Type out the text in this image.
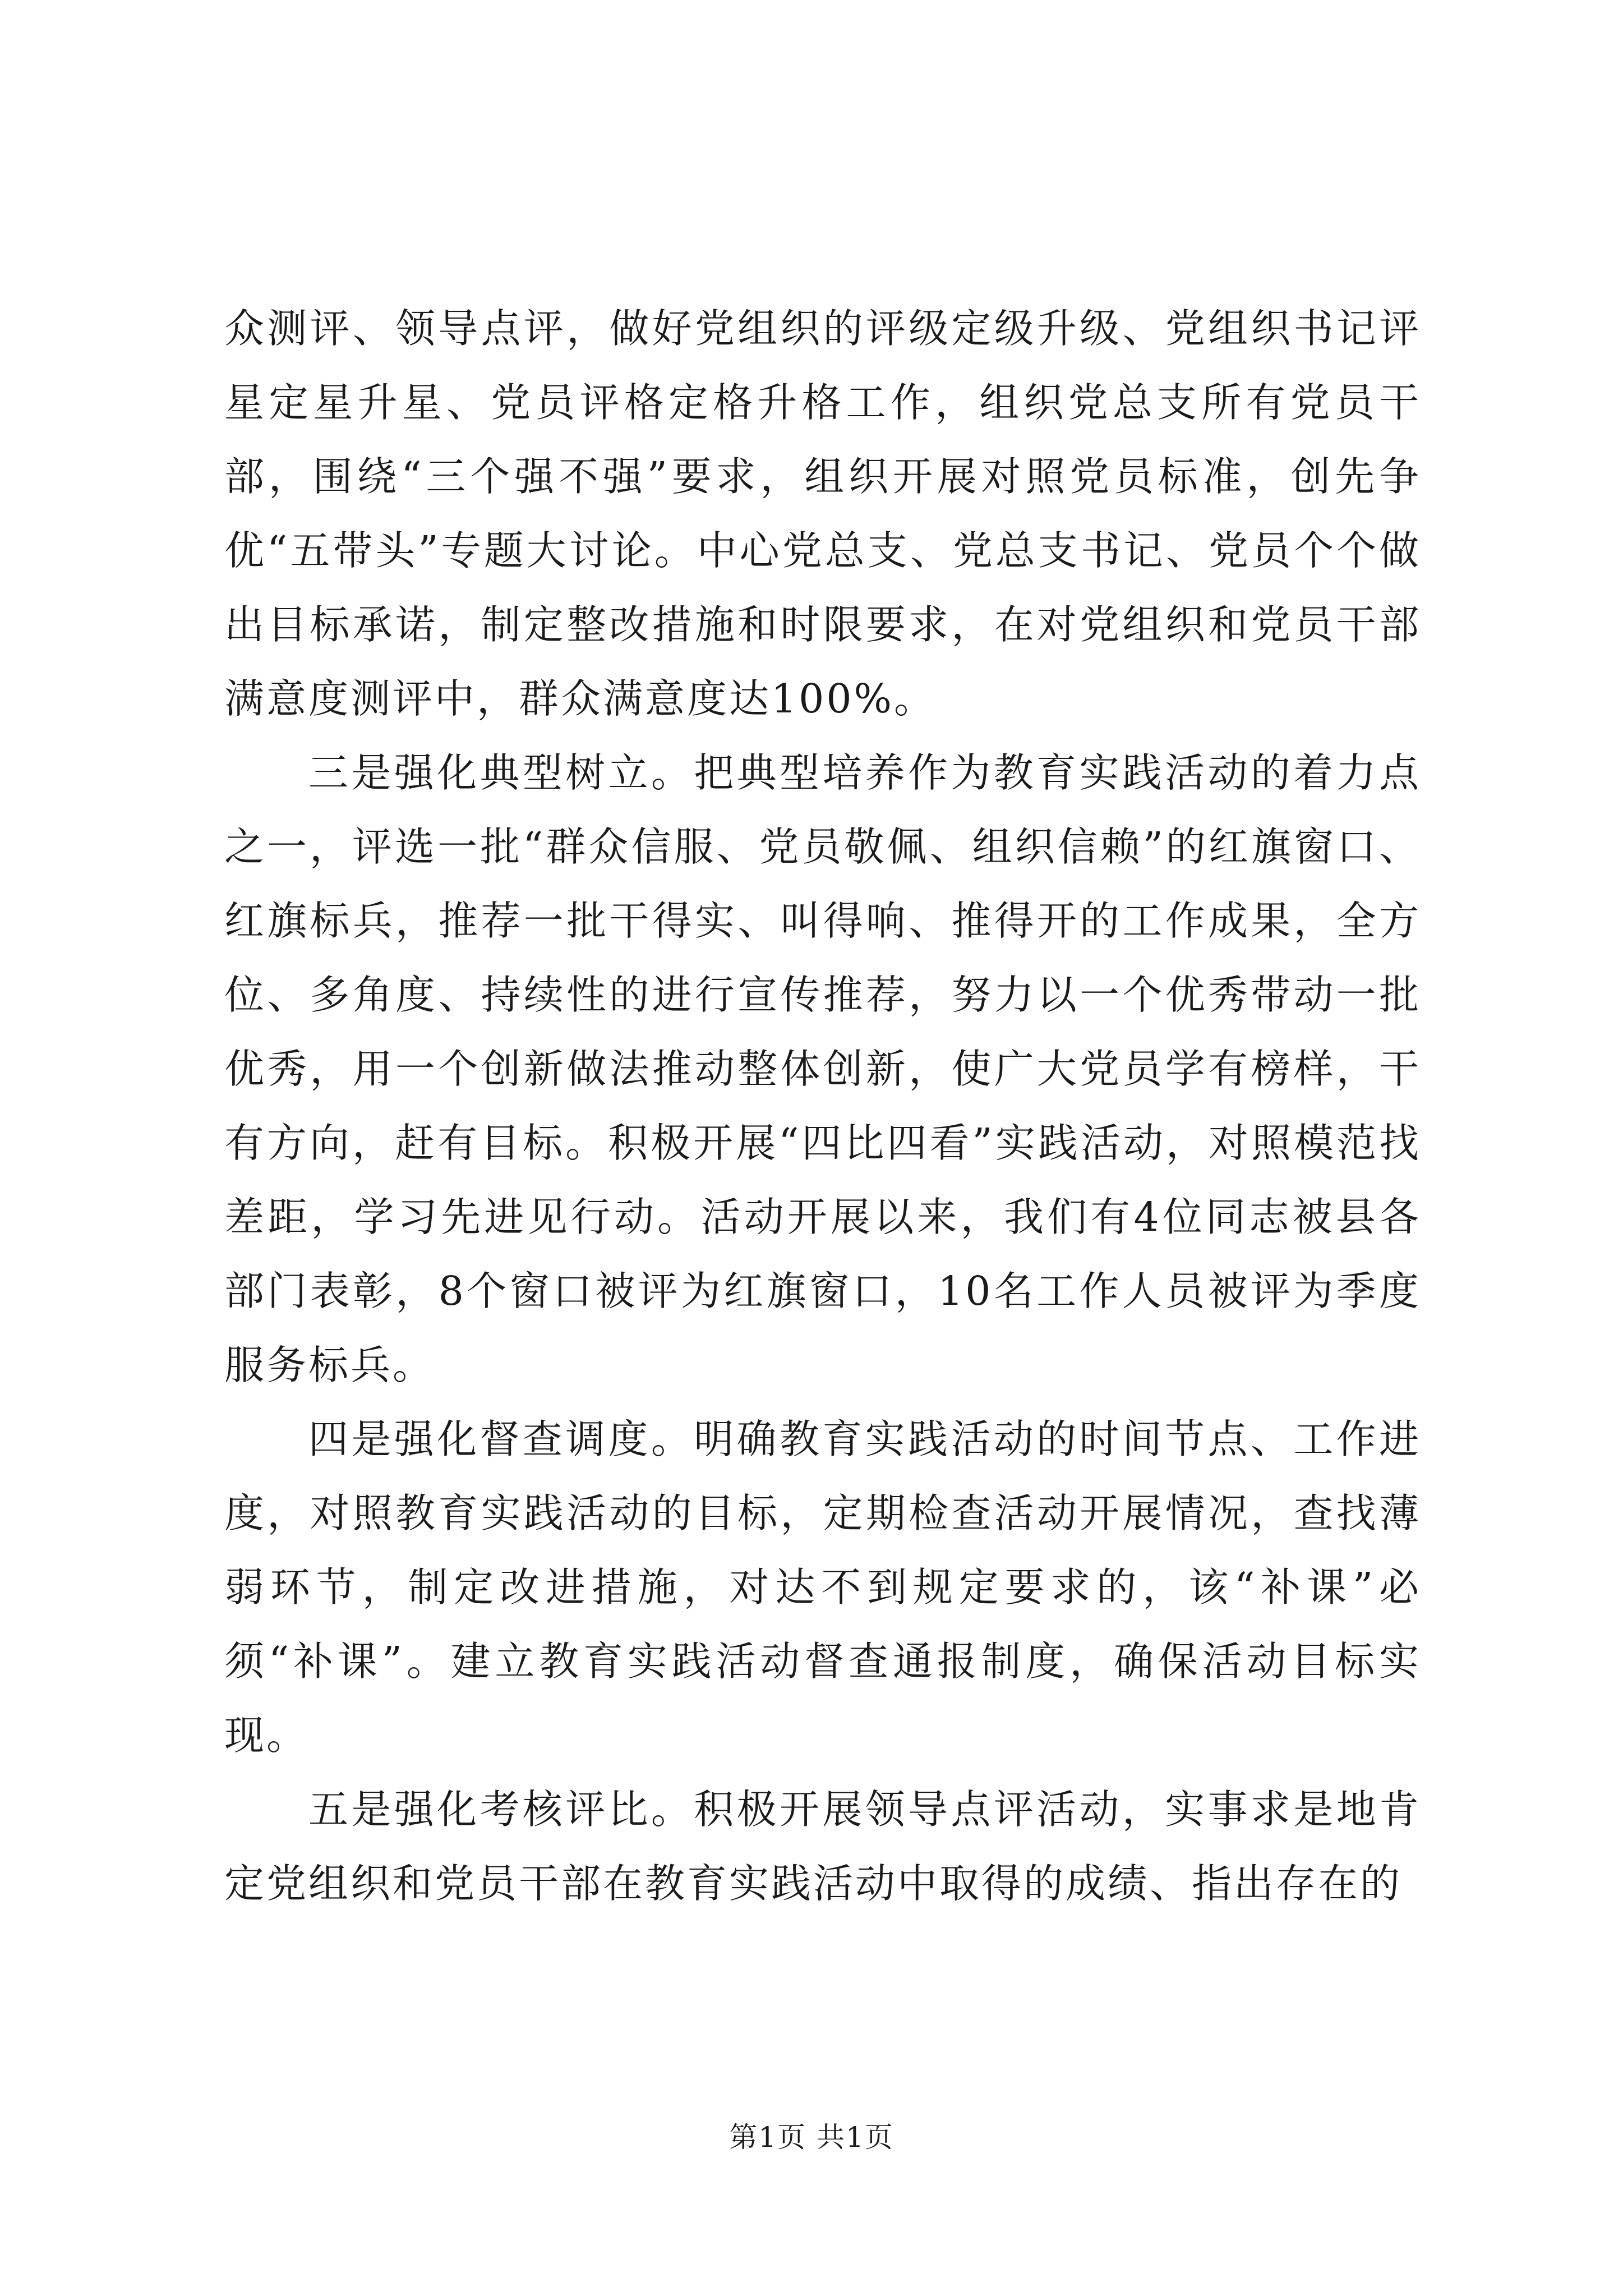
众测评、领导点评，做好党组织的评级定级升级、党组织书记评星定星升星、党员评格定格升格工作，组织党总支所有党员干部，围绕“三个强不强”要求，组织开展对照党员标准，创先争优“五带头”专题大讨论。中心党总支、党总支书记、党员个个做出目标承诺，制定整改措施和时限要求，在对党组织和党员干部满意度测评中，群众满意度达100%。

三是强化典型树立。把典型培养作为教育实践活动的着力点之一，评选一批“群众信服、党员敬佩、组织信赖”的红旗窗口、红旗标兵，推荐一批干得实、叫得响、推得开的工作成果，全方位、多角度、持续性的进行宣传推荐，努力以一个优秀带动一批优秀，用一个创新做法推动整体创新，使广大党员学有榜样，干有方向，赶有目标。积极开展“四比四看”实践活动，对照模范找差距，学习先进见行动。活动开展以来，我们有4位同志被县各部门表彰，8个窗口被评为红旗窗口，10名工作人员被评为季度服务标兵。

四是强化督查调度。明确教育实践活动的时间节点、工作进度，对照教育实践活动的目标，定期检查活动开展情况，查找薄弱环节，制定改进措施，对达不到规定要求的，该“补课”必须“补课”。建立教育实践活动督查通报制度，确保活动目标实现。

五是强化考核评比。积极开展领导点评活动，实事求是地肯定党组织和党员干部在教育实践活动中取得的成绩、指出存在的

第1页 共1页
